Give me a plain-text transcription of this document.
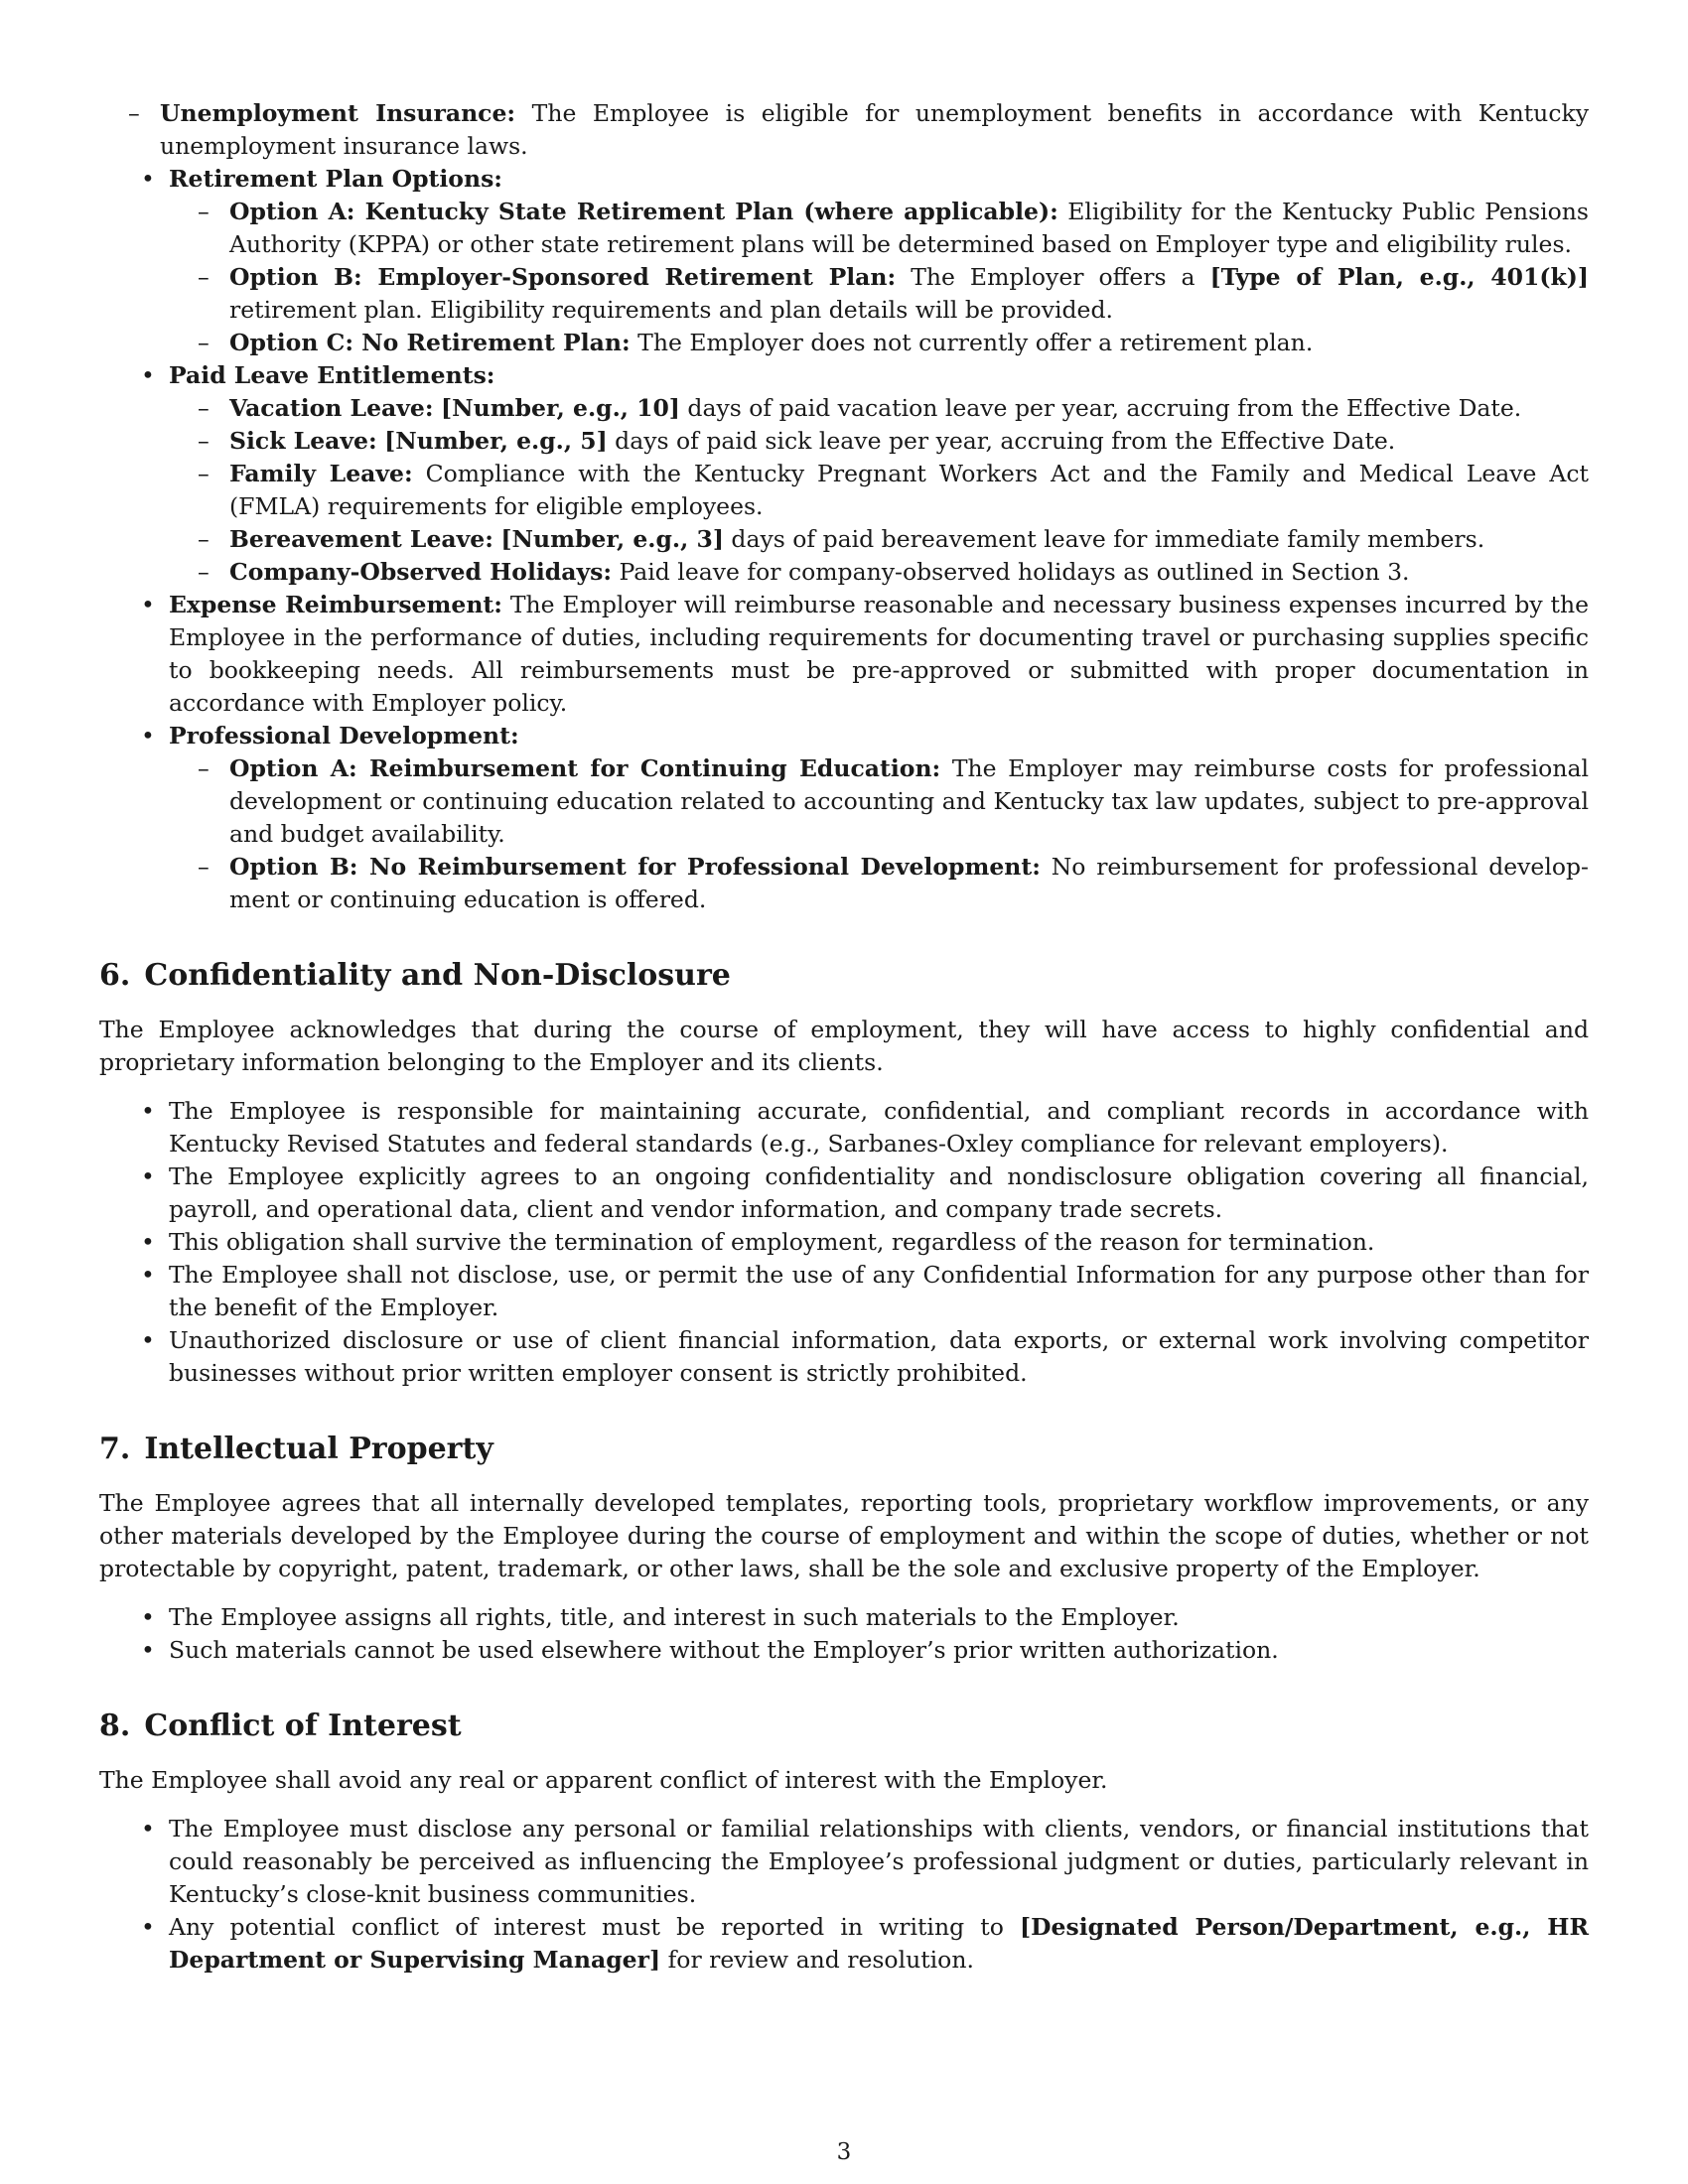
– Unemployment Insurance: The Employee is eligible for unemployment benefits in accordance with Kentucky unemployment insurance laws.
• Retirement Plan Options:
– Option A: Kentucky State Retirement Plan (where applicable): Eligibility for the Kentucky Public Pensions Authority (KPPA) or other state retirement plans will be determined based on Employer type and eligibility rules.
– Option B: Employer-Sponsored Retirement Plan: The Employer offers a [Type of Plan, e.g., 401(k)] retirement plan. Eligibility requirements and plan details will be provided.
– Option C: No Retirement Plan: The Employer does not currently offer a retirement plan.
• Paid Leave Entitlements:
– Vacation Leave: [Number, e.g., 10] days of paid vacation leave per year, accruing from the Effective Date.
– Sick Leave: [Number, e.g., 5] days of paid sick leave per year, accruing from the Effective Date.
– Family Leave: Compliance with the Kentucky Pregnant Workers Act and the Family and Medical Leave Act (FMLA) requirements for eligible employees.
– Bereavement Leave: [Number, e.g., 3] days of paid bereavement leave for immediate family members.
– Company-Observed Holidays: Paid leave for company-observed holidays as outlined in Section 3.
• Expense Reimbursement: The Employer will reimburse reasonable and necessary business expenses incurred by the Employee in the performance of duties, including requirements for documenting travel or purchasing supplies specific to bookkeeping needs. All reimbursements must be pre-approved or submitted with proper documentation in accordance with Employer policy.
• Professional Development:
– Option A: Reimbursement for Continuing Education: The Employer may reimburse costs for professional development or continuing education related to accounting and Kentucky tax law updates, subject to pre-approval and budget availability.
– Option B: No Reimbursement for Professional Development: No reimbursement for professional develop-ment or continuing education is offered.
6. Confidentiality and Non-Disclosure

The Employee acknowledges that during the course of employment, they will have access to highly confidential and proprietary information belonging to the Employer and its clients.

• The Employee is responsible for maintaining accurate, confidential, and compliant records in accordance with Kentucky Revised Statutes and federal standards (e.g., Sarbanes-Oxley compliance for relevant employers).
• The Employee explicitly agrees to an ongoing confidentiality and nondisclosure obligation covering all financial, payroll, and operational data, client and vendor information, and company trade secrets.
• This obligation shall survive the termination of employment, regardless of the reason for termination.
• The Employee shall not disclose, use, or permit the use of any Confidential Information for any purpose other than for the benefit of the Employer.
• Unauthorized disclosure or use of client financial information, data exports, or external work involving competitor businesses without prior written employer consent is strictly prohibited.
7. Intellectual Property

The Employee agrees that all internally developed templates, reporting tools, proprietary workflow improvements, or any other materials developed by the Employee during the course of employment and within the scope of duties, whether or not protectable by copyright, patent, trademark, or other laws, shall be the sole and exclusive property of the Employer.

• The Employee assigns all rights, title, and interest in such materials to the Employer.
• Such materials cannot be used elsewhere without the Employer’s prior written authorization.
8. Conflict of Interest

The Employee shall avoid any real or apparent conflict of interest with the Employer.

• The Employee must disclose any personal or familial relationships with clients, vendors, or financial institutions that could reasonably be perceived as influencing the Employee’s professional judgment or duties, particularly relevant in Kentucky’s close-knit business communities.
• Any potential conflict of interest must be reported in writing to [Designated Person/Department, e.g., HR Department or Supervising Manager] for review and resolution.
3
